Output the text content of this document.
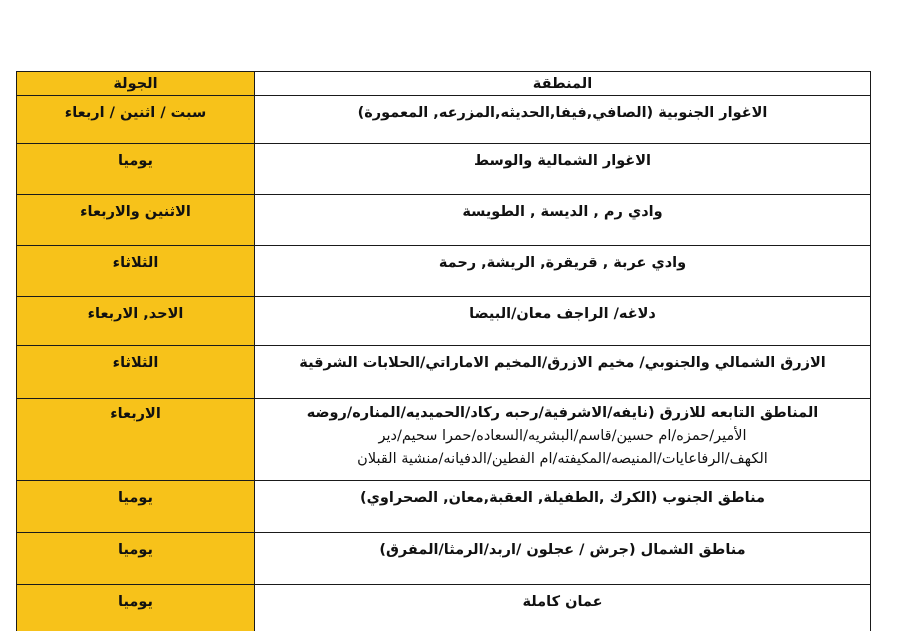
الجولة	المنطقة

سبت / اثنين / اربعاء	الاغوار الجنوبية (الصافي,فيفا,الحديثه,المزرعه, المعمورة)

يوميا	الاغوار الشمالية والوسط

الاثنين والاربعاء	وادي رم , الديسة , الطويسة

الثلاثاء	وادي عربة , قريقرة, الريشة, رحمة

الاحد, الاربعاء	دلاغه/ الراجف معان/البيضا

الثلاثاء	الازرق الشمالي والجنوبي/ مخيم الازرق/المخيم الاماراتي/الحلابات الشرقية

الاربعاء	المناطق التابعه للازرق (نايفه/الاشرفية/رحبه ركاد/الحميديه/المناره/روضه
الأمير/حمزه/ام حسين/قاسم/البشريه/السعاده/حمرا سحيم/دير
الكهف/الرفاعايات/المنيصه/المكيفته/ام الفطين/الدفيانه/منشية القبلان

يوميا	مناطق الجنوب (الكرك ,الطفيلة, العقبة,معان, الصحراوي)

يوميا	مناطق الشمال (جرش / عجلون /اربد/الرمثا/المفرق)

يوميا	عمان كاملة
